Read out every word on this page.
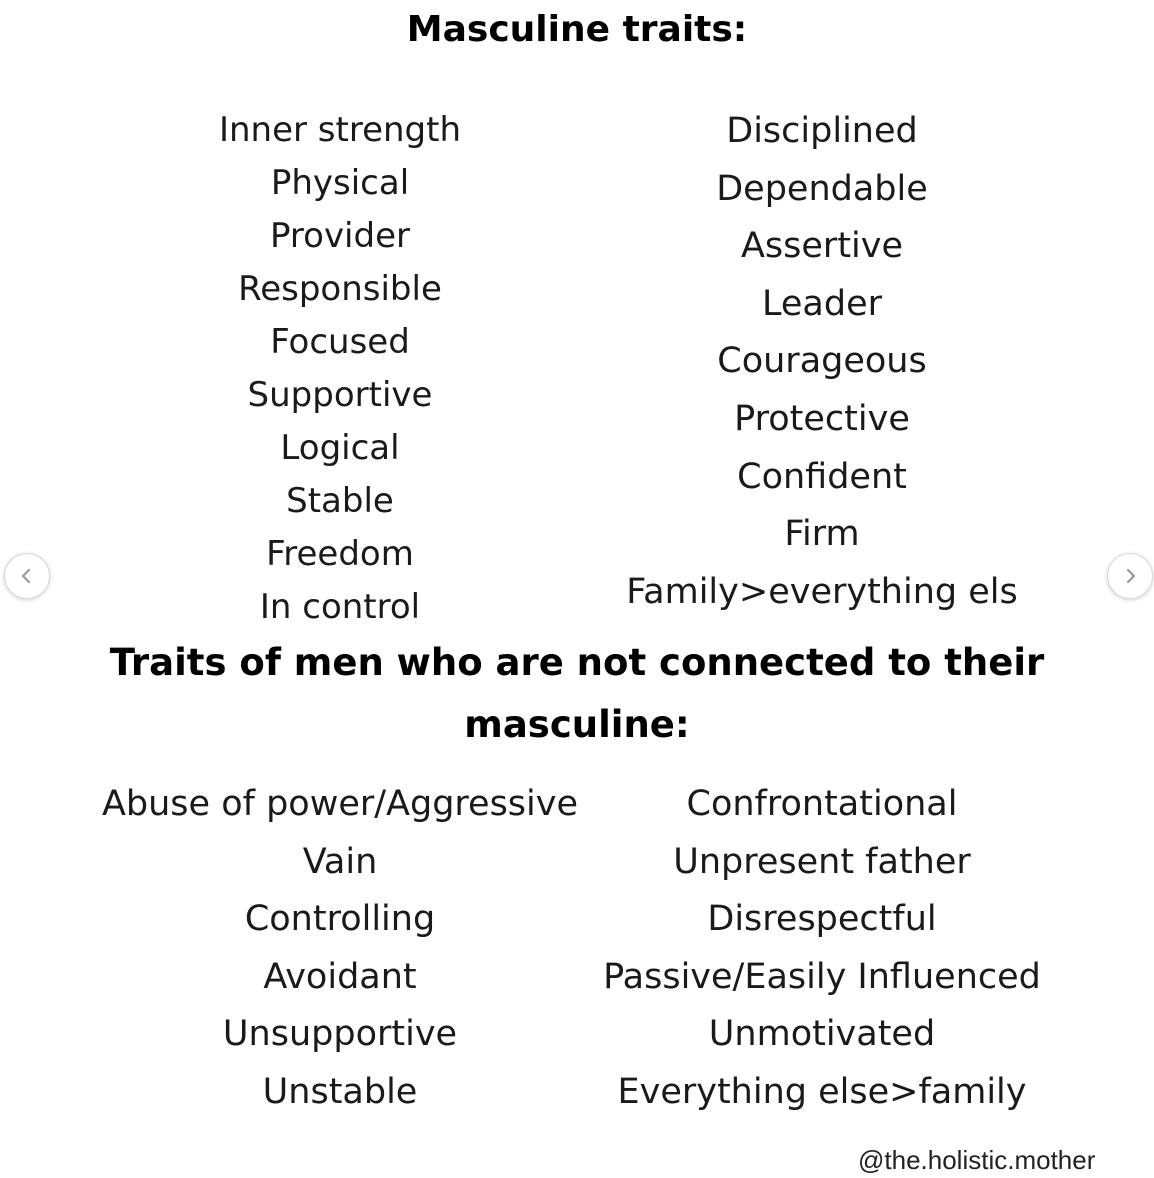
Masculine traits:
Inner strength
Physical
Provider
Responsible
Focused
Supportive
Logical
Stable
Freedom
In control
Disciplined
Dependable
Assertive
Leader
Courageous
Protective
Confident
Firm
Family>everything els
Traits of men who are not connected to their masculine:
Abuse of power/Aggressive
Vain
Controlling
Avoidant
Unsupportive
Unstable
Confrontational
Unpresent father
Disrespectful
Passive/Easily Influenced
Unmotivated
Everything else>family
@the.holistic.mother
